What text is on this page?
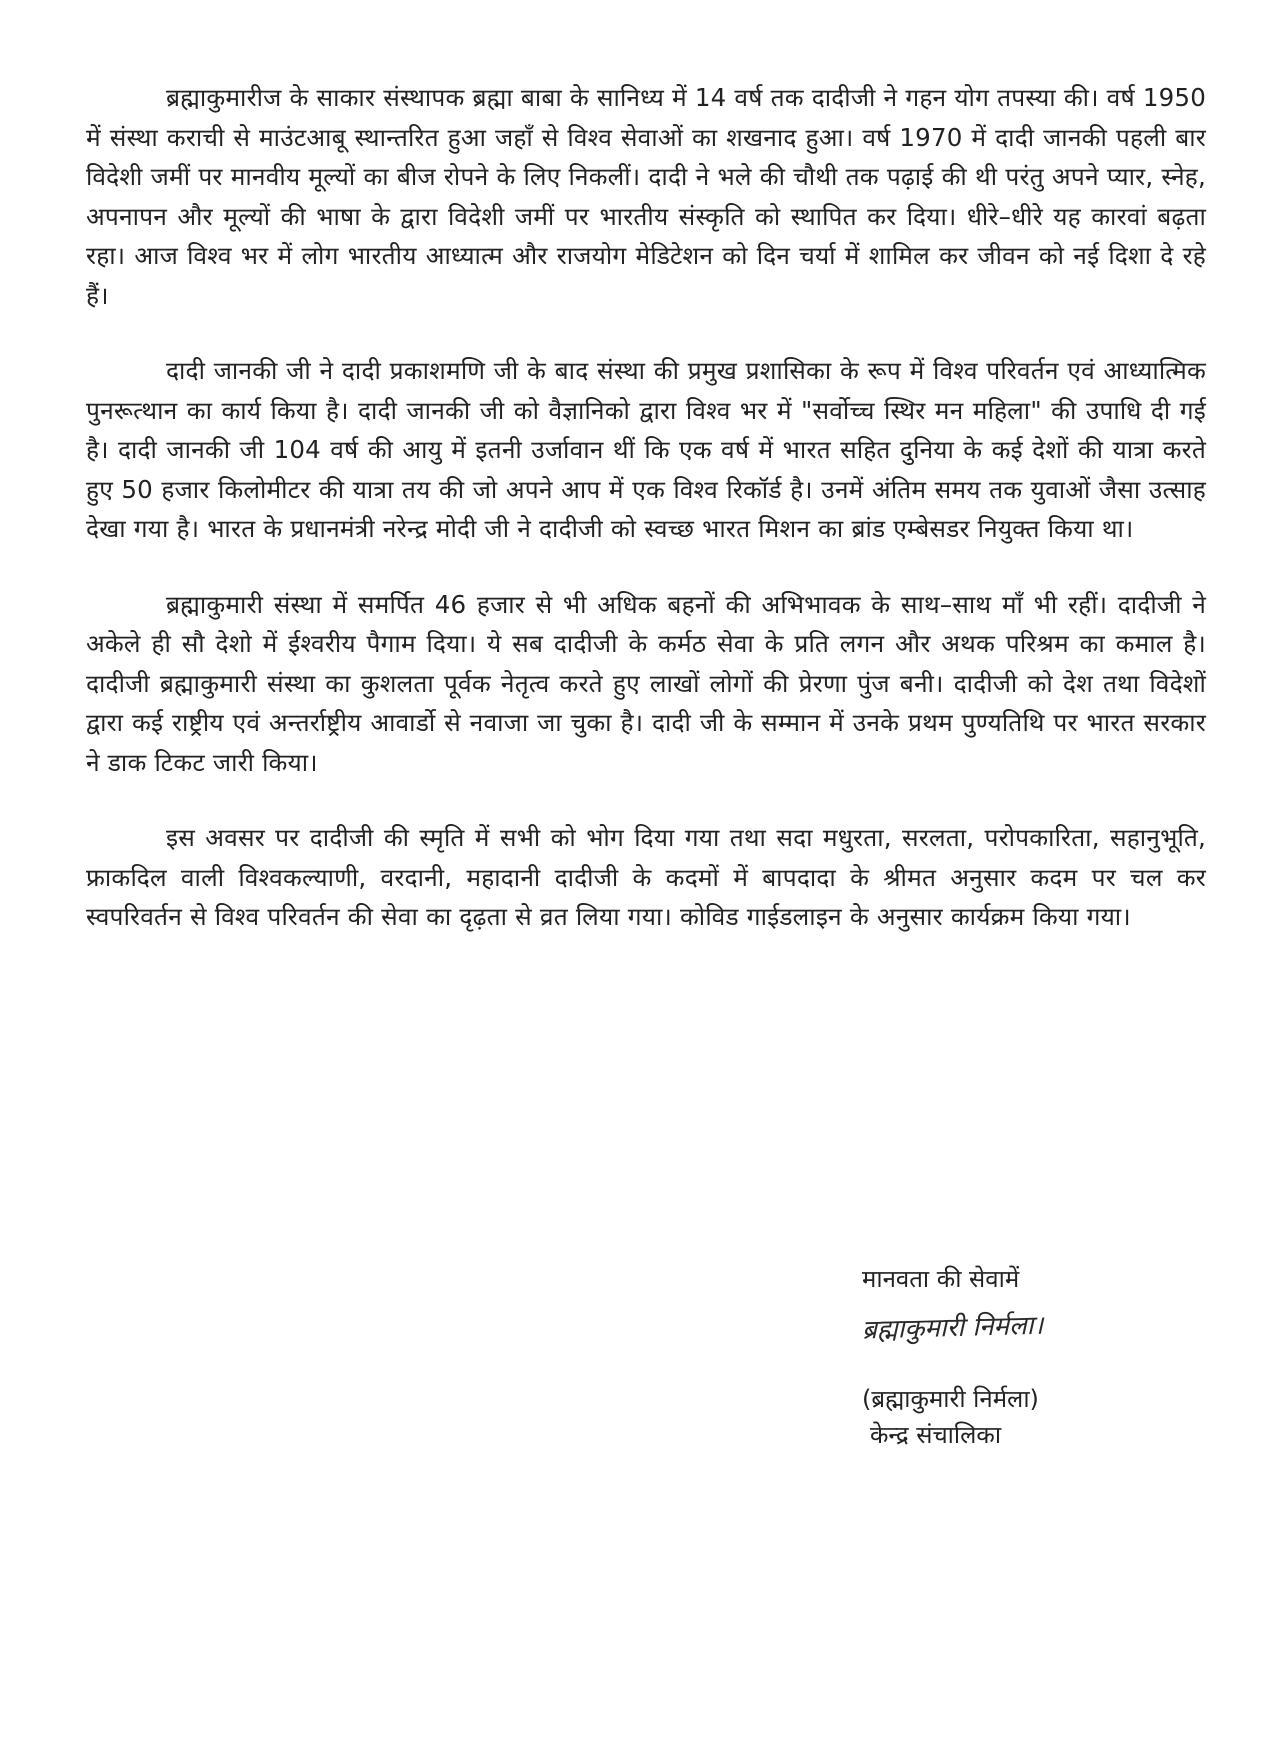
ब्रह्माकुमारीज के साकार संस्थापक ब्रह्मा बाबा के सानिध्य में 14 वर्ष तक दादीजी ने गहन योग तपस्या की। वर्ष 1950 में संस्था कराची से माउंटआबू स्थान्तरित हुआ जहाँ से विश्व सेवाओं का शखनाद हुआ। वर्ष 1970 में दादी जानकी पहली बार विदेशी जमीं पर मानवीय मूल्यों का बीज रोपने के लिए निकलीं। दादी ने भले की चौथी तक पढ़ाई की थी परंतु अपने प्यार, स्नेह, अपनापन और मूल्यों की भाषा के द्वारा विदेशी जमीं पर भारतीय संस्कृति को स्थापित कर दिया। धीरे–धीरे यह कारवां बढ़ता रहा। आज विश्व भर में लोग भारतीय आध्यात्म और राजयोग मेडिटेशन को दिन चर्या में शामिल कर जीवन को नई दिशा दे रहे हैं।

दादी जानकी जी ने दादी प्रकाशमणि जी के बाद संस्था की प्रमुख प्रशासिका के रूप में विश्व परिवर्तन एवं आध्यात्मिक पुनरूत्थान का कार्य किया है। दादी जानकी जी को वैज्ञानिको द्वारा विश्व भर में "सर्वोच्च स्थिर मन महिला" की उपाधि दी गई है। दादी जानकी जी 104 वर्ष की आयु में इतनी उर्जावान थीं कि एक वर्ष में भारत सहित दुनिया के कई देशों की यात्रा करते हुए 50 हजार किलोमीटर की यात्रा तय की जो अपने आप में एक विश्व रिकॉर्ड है। उनमें अंतिम समय तक युवाओं जैसा उत्साह देखा गया है। भारत के प्रधानमंत्री नरेन्द्र मोदी जी ने दादीजी को स्वच्छ भारत मिशन का ब्रांड एम्बेसडर नियुक्त किया था।

ब्रह्माकुमारी संस्था में समर्पित 46 हजार से भी अधिक बहनों की अभिभावक के साथ–साथ माँ भी रहीं। दादीजी ने अकेले ही सौ देशो में ईश्वरीय पैगाम दिया। ये सब दादीजी के कर्मठ सेवा के प्रति लगन और अथक परिश्रम का कमाल है। दादीजी ब्रह्माकुमारी संस्था का कुशलता पूर्वक नेतृत्व करते हुए लाखों लोगों की प्रेरणा पुंज बनी। दादीजी को देश तथा विदेशों द्वारा कई राष्ट्रीय एवं अन्तर्राष्ट्रीय आवार्डो से नवाजा जा चुका है। दादी जी के सम्मान में उनके प्रथम पुण्यतिथि पर भारत सरकार ने डाक टिकट जारी किया।

इस अवसर पर दादीजी की स्मृति में सभी को भोग दिया गया तथा सदा मधुरता, सरलता, परोपकारिता, सहानुभूति, फ्राकदिल वाली विश्वकल्याणी, वरदानी, महादानी दादीजी के कदमों में बापदादा के श्रीमत अनुसार कदम पर चल कर स्वपरिवर्तन से विश्व परिवर्तन की सेवा का दृढ़ता से व्रत लिया गया। कोविड गाईडलाइन के अनुसार कार्यक्रम किया गया।

मानवता की सेवामें

ब्रह्माकुमारी निर्मला।

(ब्रह्माकुमारी निर्मला)

केन्द्र संचालिका
